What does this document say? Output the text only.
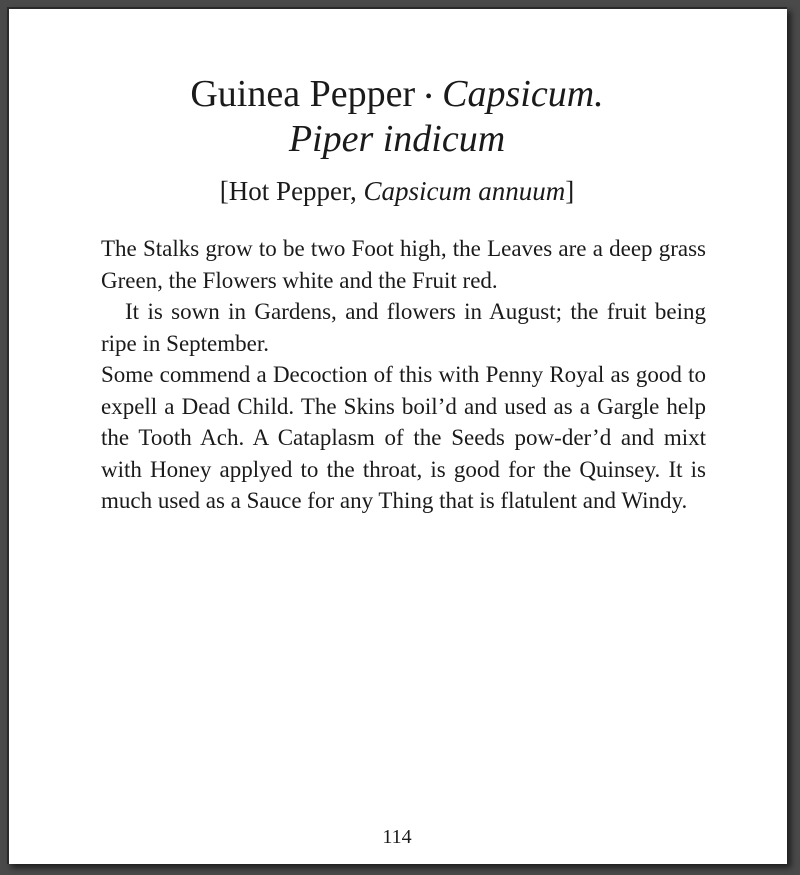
Guinea Pepper • Capsicum.
Piper indicum
[Hot Pepper, Capsicum annuum]

The Stalks grow to be two Foot high, the Leaves are a deep grass Green, the Flowers white and the Fruit red.

It is sown in Gardens, and flowers in August; the fruit being ripe in September.

Some commend a Decoction of this with Penny Royal as good to expell a Dead Child. The Skins boil’d and used as a Gargle help the Tooth Ach. A Cataplasm of the Seeds pow-der’d and mixt with Honey applyed to the throat, is good for the Quinsey. It is much used as a Sauce for any Thing that is flatulent and Windy.

114
